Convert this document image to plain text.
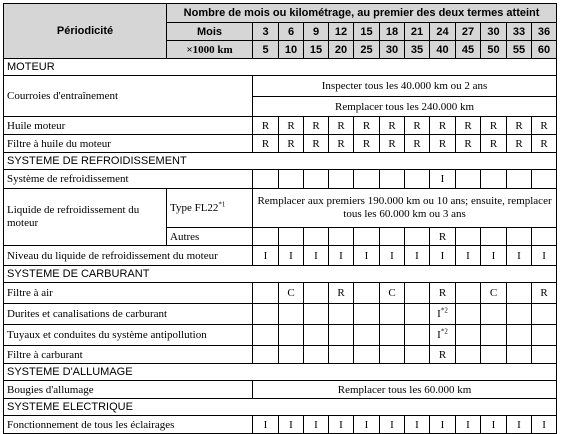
Périodicité	Nombre de mois ou kilométrage, au premier des deux termes atteint												
	Mois	3	6	9	12	15	18	21	24	27	30	33	36
	×1000 km	5	10	15	20	25	30	35	40	45	50	55	60
MOTEUR													
Courroies d'entraînement		Inspecter tous les 40.000 km ou 2 ans											
		Remplacer tous les 240.000 km											
Huile moteur		R	R	R	R	R	R	R	R	R	R	R	R
Filtre à huile du moteur		R	R	R	R	R	R	R	R	R	R	R	R
SYSTEME DE REFROIDISSEMENT													
Système de refroidissement									I				
Liquide de refroidissement du moteur	Type FL22$^{*1}$	Remplacer aux premiers 190.000 km ou 10 ans; ensuite, remplacer tous les 60.000 km ou 3 ans											
	Autres								R				
Niveau du liquide de refroidissement du moteur		I	I	I	I	I	I	I	I	I	I	I	I
SYSTEME DE CARBURANT													
Filtre à air			C		R		C		R		C		R
Durites et canalisations de carburant									$I^{*2}$				
Tuyaux et conduites du système antipollution									$I^{*2}$				
Filtre à carburant									R				
SYSTEME D'ALLUMAGE													
Bougies d'allumage		Remplacer tous les 60.000 km											
SYSTEME ELECTRIQUE													
Fonctionnement de tous les éclairages		I	I	I	I	I	I	I	I	I	I	I	I
